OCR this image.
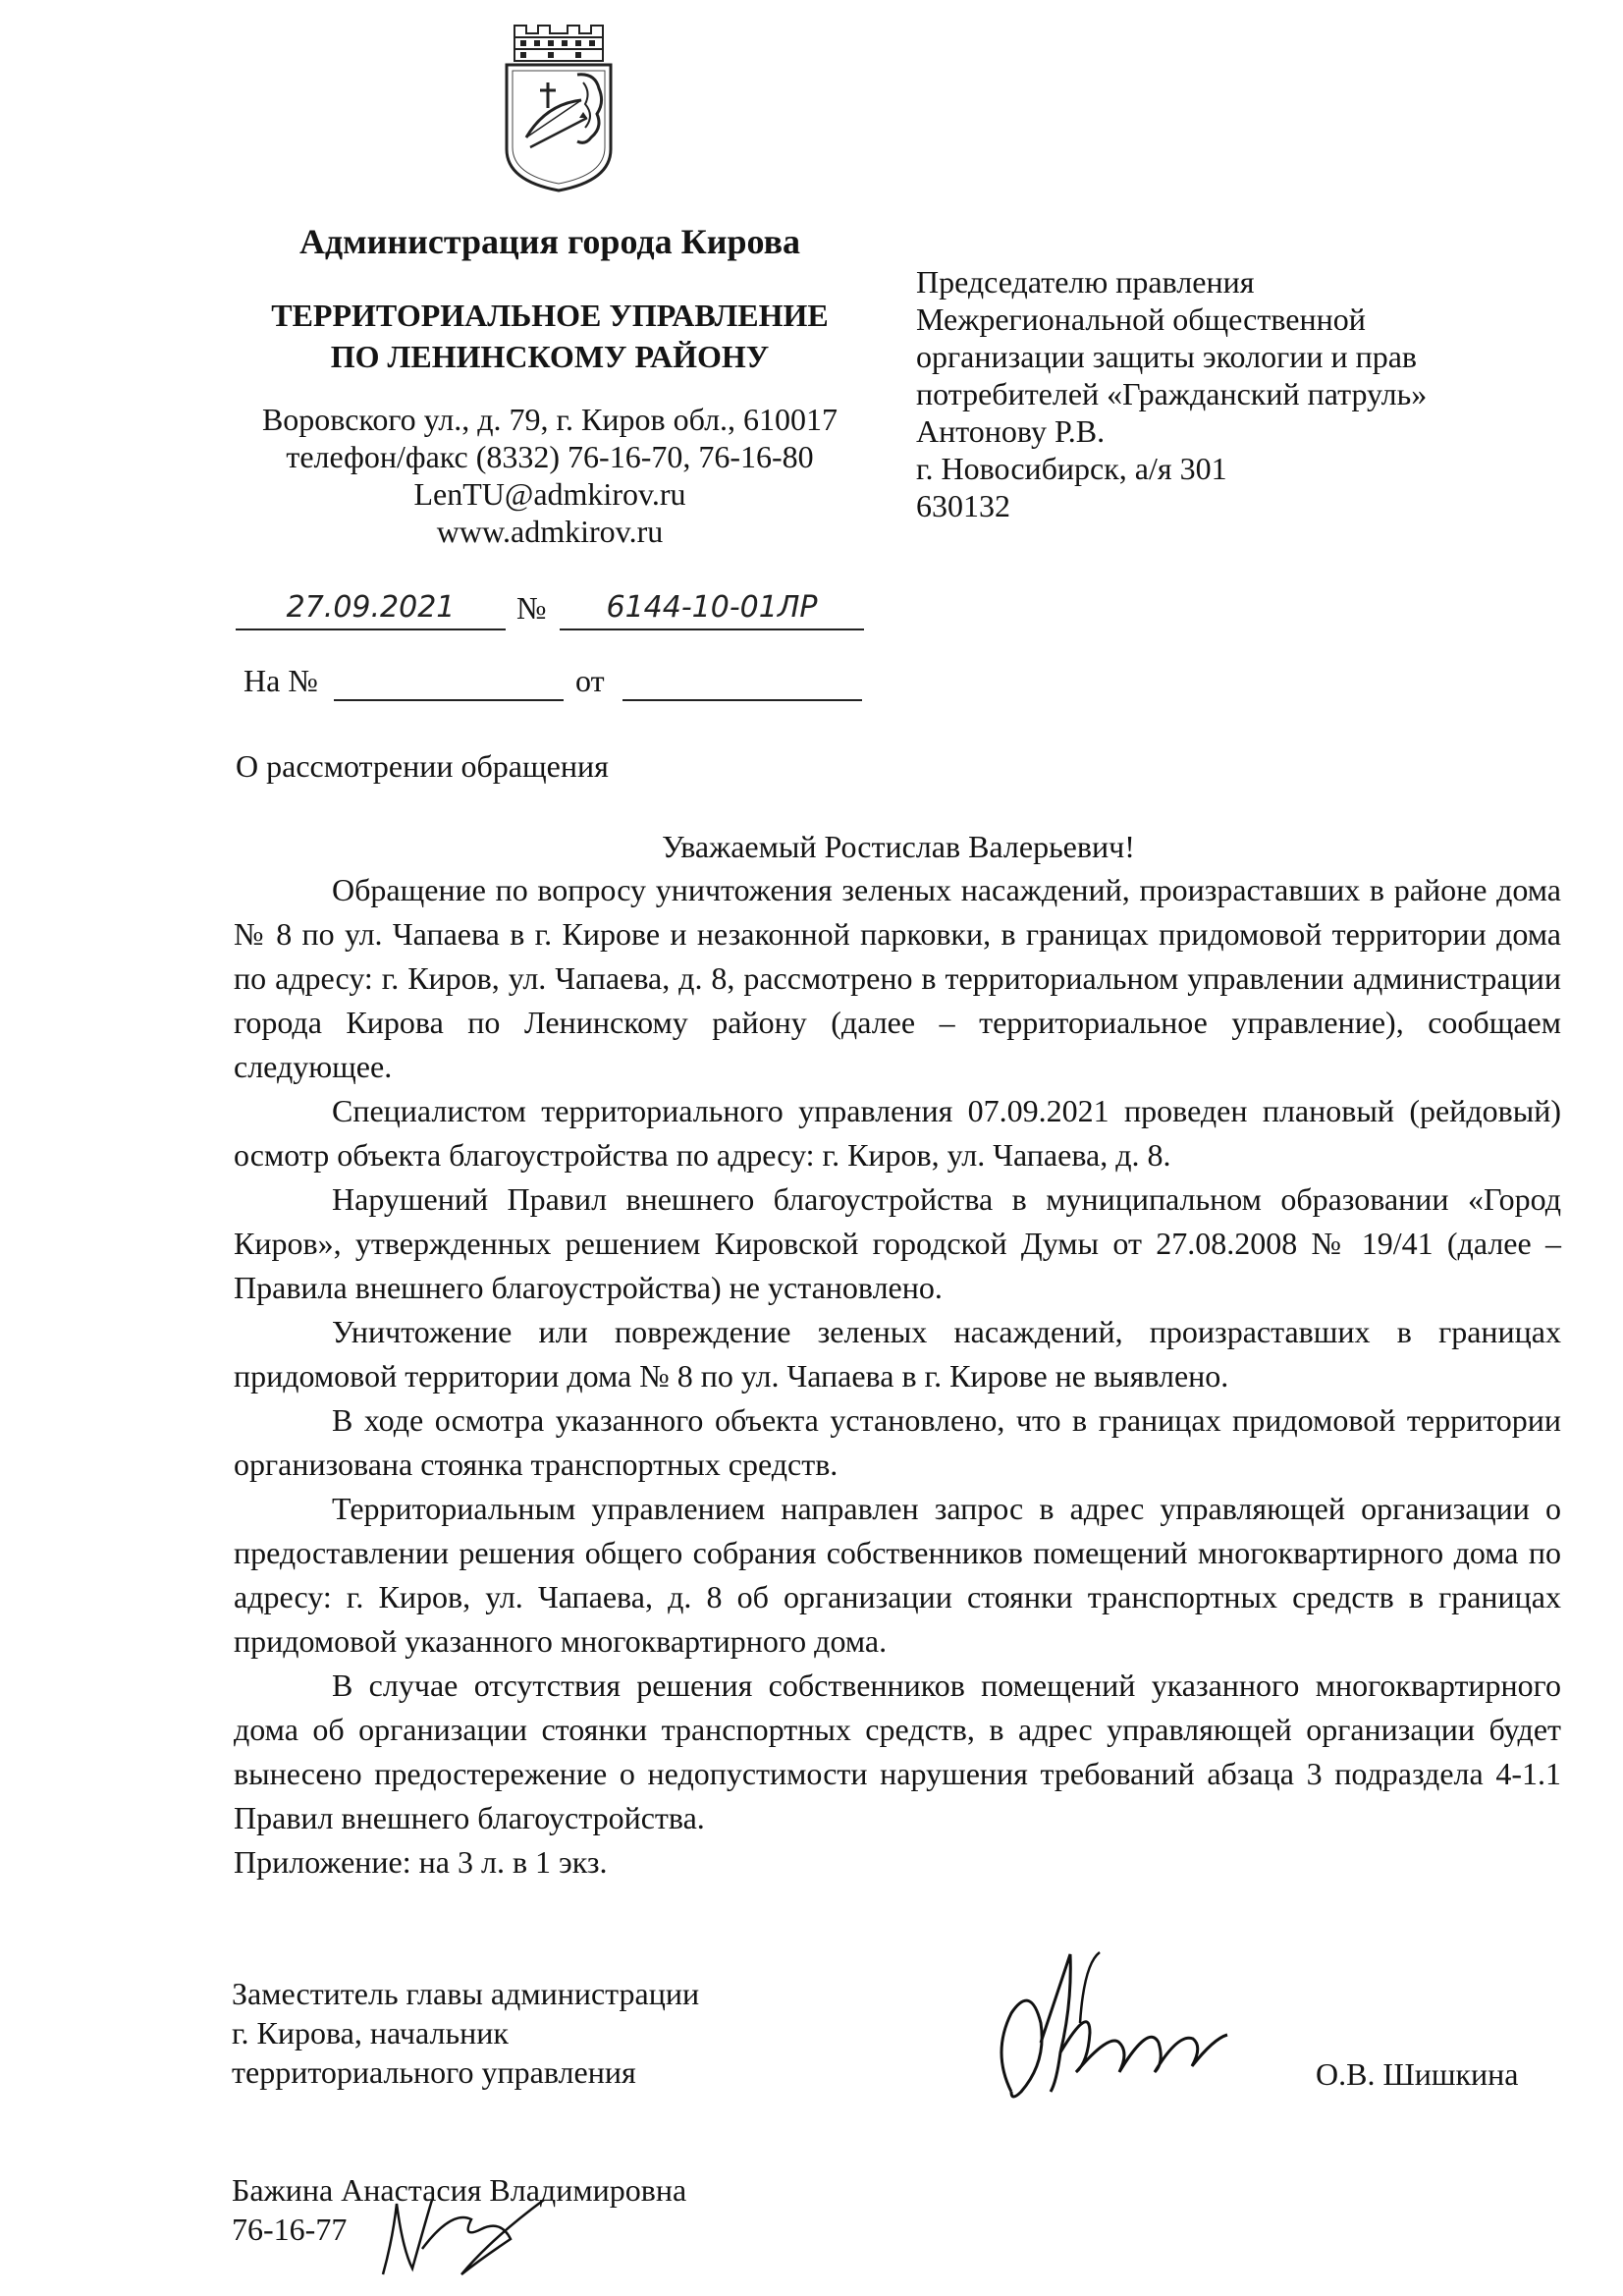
Администрация города Кирова
ТЕРРИТОРИАЛЬНОЕ УПРАВЛЕНИЕ
ПО ЛЕНИНСКОМУ РАЙОНУ
Воровского ул., д. 79, г. Киров обл., 610017
телефон/факс (8332) 76-16-70, 76-16-80
LenTU@admkirov.ru
www.admkirov.ru
Председателю правления
Межрегиональной общественной
организации защиты экологии и прав
потребителей «Гражданский патруль»
Антонову Р.В.
г. Новосибирск, а/я 301
630132
27.09.2021	№	6144-10-01ЛР
На №	от
О рассмотрении обращения
Уважаемый Ростислав Валерьевич!

Обращение по вопросу уничтожения зеленых насаждений, произраставших в районе дома № 8 по ул. Чапаева в г. Кирове и незаконной парковки, в границах придомовой территории дома по адресу: г. Киров, ул. Чапаева, д. 8, рассмотрено в территориальном управлении администрации города Кирова по Ленинскому району (далее – территориальное управление), сообщаем следующее.

Специалистом территориального управления 07.09.2021 проведен плановый (рейдовый) осмотр объекта благоустройства по адресу: г. Киров, ул. Чапаева, д. 8.

Нарушений Правил внешнего благоустройства в муниципальном образовании «Город Киров», утвержденных решением Кировской городской Думы от 27.08.2008 № 19/41 (далее – Правила внешнего благоустройства) не установлено.

Уничтожение или повреждение зеленых насаждений, произраставших в границах придомовой территории дома № 8 по ул. Чапаева в г. Кирове не выявлено.

В ходе осмотра указанного объекта установлено, что в границах придомовой территории организована стоянка транспортных средств.

Территориальным управлением направлен запрос в адрес управляющей организации о предоставлении решения общего собрания собственников помещений многоквартирного дома по адресу: г. Киров, ул. Чапаева, д. 8 об организации стоянки транспортных средств в границах придомовой указанного многоквартирного дома.

В случае отсутствия решения собственников помещений указанного многоквартирного дома об организации стоянки транспортных средств, в адрес управляющей организации будет вынесено предостережение о недопустимости нарушения требований абзаца 3 подраздела 4-1.1 Правил внешнего благоустройства.

Приложение: на 3 л. в 1 экз.

Заместитель главы администрации
г. Кирова, начальник
территориального управления	О.В. Шишкина
Бажина Анастасия Владимировна
76-16-77
